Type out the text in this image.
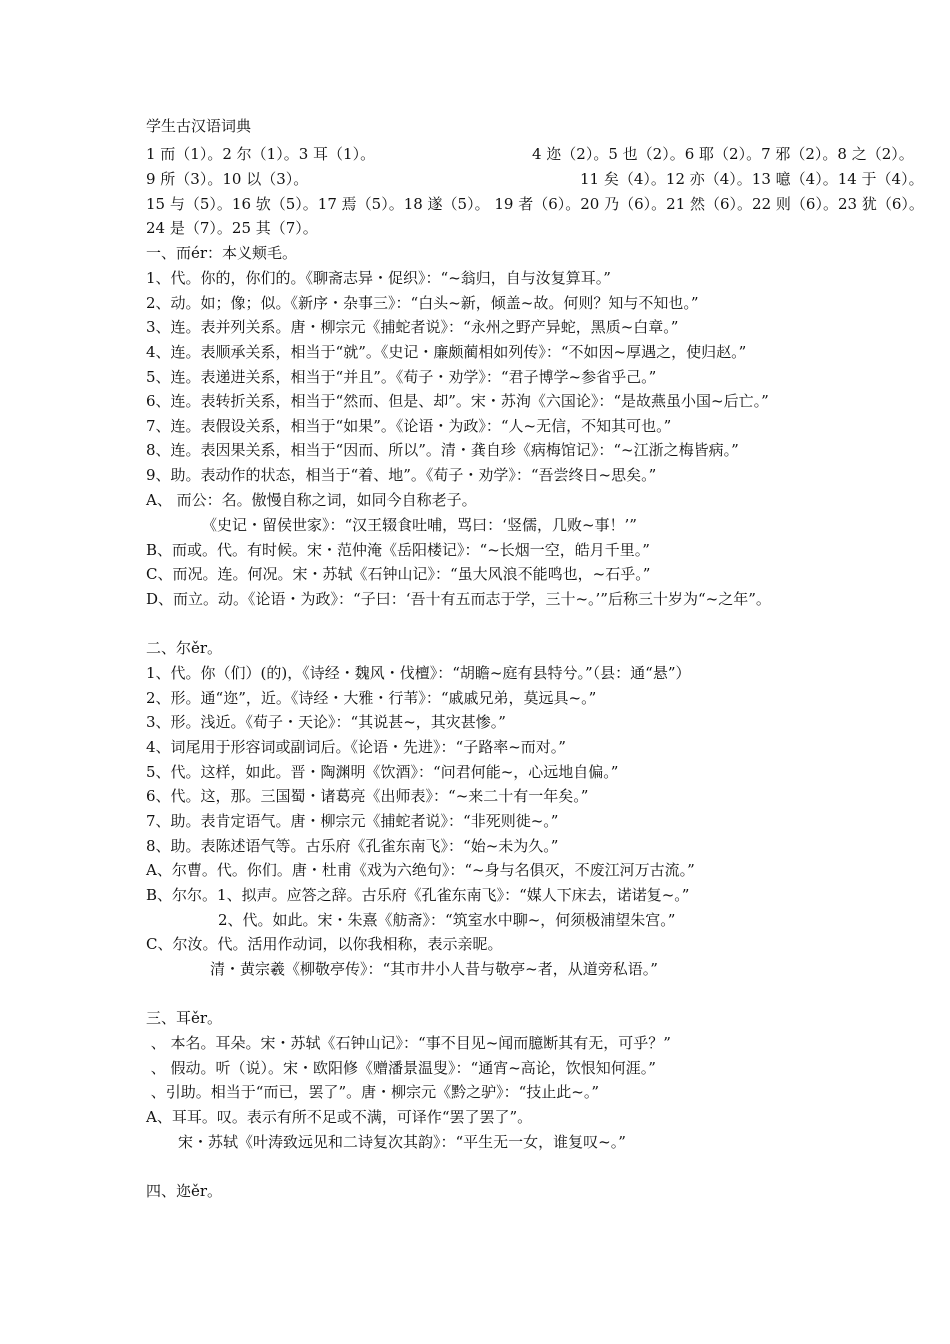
学生古汉语词典
1 而（1）。2 尔（1）。3 耳（1）。	4 迩（2）。5 也（2）。6 耶（2）。7 邪（2）。8 之（2）。
9 所（3）。10 以（3）。	11 矣（4）。12 亦（4）。13 噫（4）。14 于（4）。
15 与（5）。16 欤（5）。17 焉（5）。18 遂（5）。 19 者（6）。20 乃（6）。21 然（6）。22 则（6）。23 犹（6）。
24 是（7）。25 其（7）。
一、而ér：本义颊毛。
1、代。你的，你们的。《聊斋志异・促织》：“~翁归，自与汝复算耳。”
2、动。如；像；似。《新序・杂事三》：“白头~新，倾盖~故。何则？知与不知也。”
3、连。表并列关系。唐・柳宗元《捕蛇者说》：“永州之野产异蛇，黑质~白章。”
4、连。表顺承关系，相当于“就”。《史记・廉颇蔺相如列传》：“不如因~厚遇之，使归赵。”
5、连。表递进关系，相当于“并且”。《荀子・劝学》：“君子博学~参省乎己。”
6、连。表转折关系，相当于“然而、但是、却”。宋・苏洵《六国论》：“是故燕虽小国~后亡。”
7、连。表假设关系，相当于“如果”。《论语・为政》：“人~无信，不知其可也。”
8、连。表因果关系，相当于“因而、所以”。清・龚自珍《病梅馆记》：“~江浙之梅皆病。”
9、助。表动作的状态，相当于“着、地”。《荀子・劝学》：“吾尝终日~思矣。”
A、 而公：名。傲慢自称之词，如同今自称老子。
《史记・留侯世家》：“汉王辍食吐哺，骂曰：‘竖儒，几败~事！’”
B、而或。代。有时候。宋・范仲淹《岳阳楼记》：“~长烟一空，皓月千里。”
C、而况。连。何况。宋・苏轼《石钟山记》：“虽大风浪不能鸣也，~石乎。”
D、而立。动。《论语・为政》：“子曰：‘吾十有五而志于学，三十~。’”后称三十岁为“~之年”。
二、尔ěr。
1、代。你（们）(的)，《诗经・魏风・伐檀》：“胡瞻~庭有县特兮。”（县：通“悬”）
2、形。通“迩”，近。《诗经・大雅・行苇》：“戚戚兄弟，莫远具~。”
3、形。浅近。《荀子・天论》：“其说甚~，其灾甚惨。”
4、词尾用于形容词或副词后。《论语・先进》：“子路率~而对。”
5、代。这样，如此。晋・陶渊明《饮酒》：“问君何能~，心远地自偏。”
6、代。这，那。三国蜀・诸葛亮《出师表》：“~来二十有一年矣。”
7、助。表肯定语气。唐・柳宗元《捕蛇者说》：“非死则徙~。”
8、助。表陈述语气等。古乐府《孔雀东南飞》：“始~未为久。”
A、尔曹。代。你们。唐・杜甫《戏为六绝句》：“~身与名俱灭，不废江河万古流。”
B、尔尔。1、拟声。应答之辞。古乐府《孔雀东南飞》：“媒人下床去，诺诺复~。”
2、代。如此。宋・朱熹《舫斋》：“筑室水中聊~，何须极浦望朱宫。”
C、尔汝。代。活用作动词，以你我相称，表示亲昵。
清・黄宗羲《柳敬亭传》：“其市井小人昔与敬亭~者，从道旁私语。”
三、耳ěr。
、 本名。耳朵。宋・苏轼《石钟山记》：“事不目见~闻而臆断其有无，可乎？”
、 假动。听（说）。宋・欧阳修《赠潘景温叟》：“通宵~高论，饮恨知何涯。”
、引助。相当于“而已，罢了”。唐・柳宗元《黔之驴》：“技止此~。”
A、耳耳。叹。表示有所不足或不满，可译作“罢了罢了”。
宋・苏轼《叶涛致远见和二诗复次其韵》：“平生无一女，谁复叹~。”
四、迩ěr。
